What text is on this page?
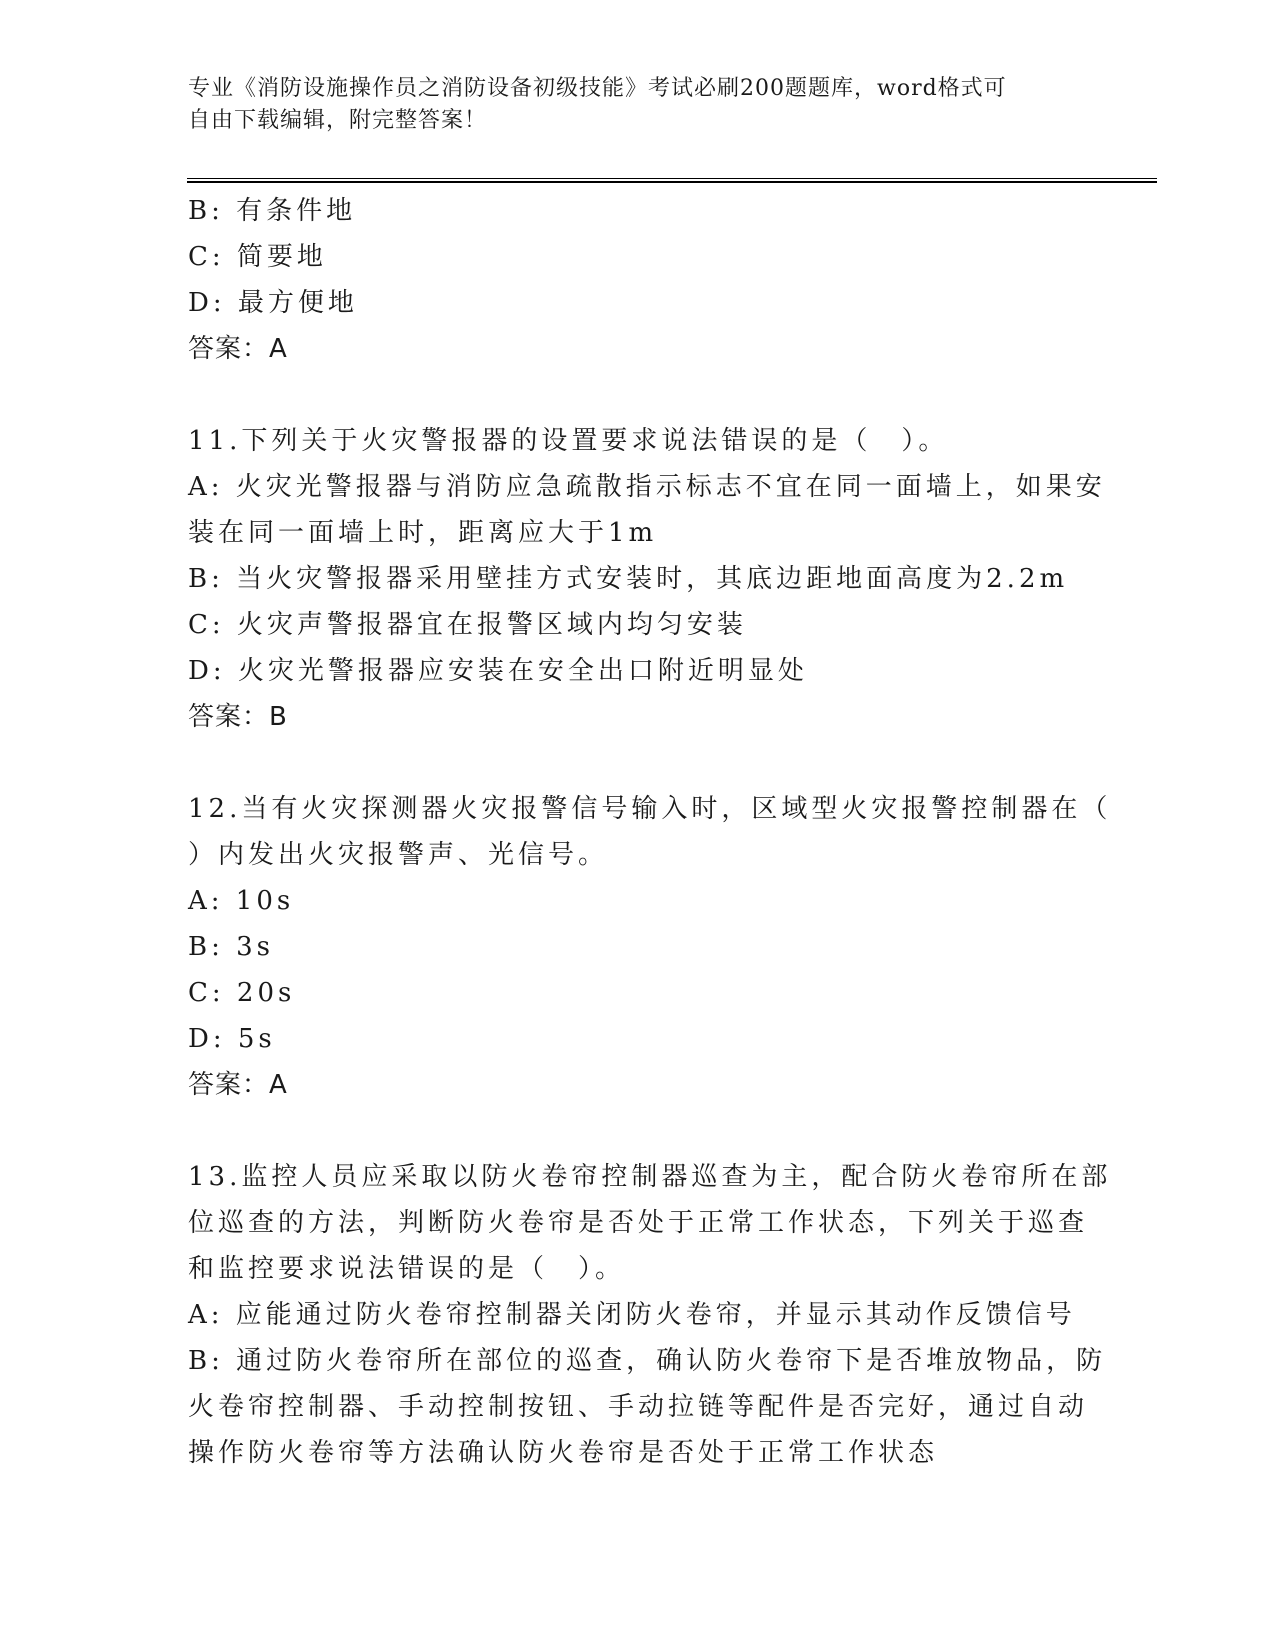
专业《消防设施操作员之消防设备初级技能》考试必刷200题题库，word格式可
自由下载编辑，附完整答案！
B: 有条件地
C: 简要地
D: 最方便地
答案：A
11.下列关于火灾警报器的设置要求说法错误的是（　）。
A: 火灾光警报器与消防应急疏散指示标志不宜在同一面墙上，如果安
装在同一面墙上时，距离应大于1m
B: 当火灾警报器采用壁挂方式安装时，其底边距地面高度为2.2m
C: 火灾声警报器宜在报警区域内均匀安装
D: 火灾光警报器应安装在安全出口附近明显处
答案：B
12.当有火灾探测器火灾报警信号输入时，区域型火灾报警控制器在（
）内发出火灾报警声、光信号。
A: 10s
B: 3s
C: 20s
D: 5s
答案：A
13.监控人员应采取以防火卷帘控制器巡查为主，配合防火卷帘所在部
位巡查的方法，判断防火卷帘是否处于正常工作状态，下列关于巡查
和监控要求说法错误的是（　）。
A: 应能通过防火卷帘控制器关闭防火卷帘，并显示其动作反馈信号
B: 通过防火卷帘所在部位的巡查，确认防火卷帘下是否堆放物品，防
火卷帘控制器、手动控制按钮、手动拉链等配件是否完好，通过自动
操作防火卷帘等方法确认防火卷帘是否处于正常工作状态
